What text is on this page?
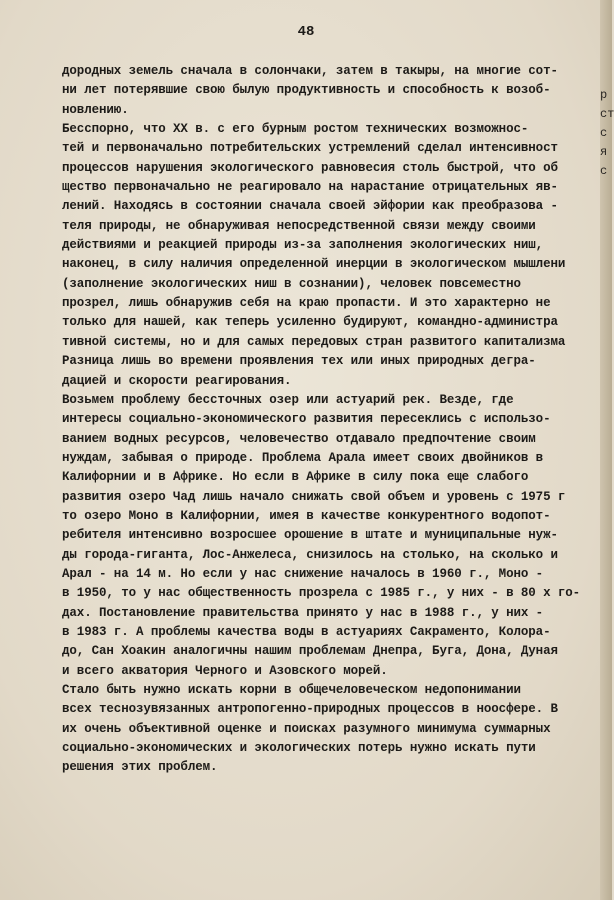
р
ст
с
я
с
48
дородных земель сначала в солончаки, затем в такыры, на многие сот-
ни лет потерявшие свою былую продуктивность и способность к возоб-
новлению.
Бесспорно, что XX в. с его бурным ростом технических возможнос-
тей и первоначально потребительских устремлений сделал интенсивност
процессов нарушения экологического равновесия столь быстрой, что об
щество первоначально не реагировало на нарастание отрицательных яв-
лений. Находясь в состоянии сначала своей эйфории как преобразова -
теля природы, не обнаруживая непосредственной связи между своими
действиями и реакцией природы из-за заполнения экологических ниш,
наконец, в силу наличия определенной инерции в экологическом мышлени
(заполнение экологических ниш в сознании), человек повсеместно
прозрел, лишь обнаружив себя на краю пропасти. И это характерно не
только для нашей, как теперь усиленно будируют, командно-администра
тивной системы, но и для самых передовых стран развитого капитализма
Разница лишь во времени проявления тех или иных природных дегра-
дацией и скорости реагирования.
Возьмем проблему бессточных озер или астуарий рек. Везде, где
интересы социально-экономического развития пересеклись с использо-
ванием водных ресурсов, человечество отдавало предпочтение своим
нуждам, забывая о природе. Проблема Арала имеет своих двойников в
Калифорнии и в Африке. Но если в Африке в силу пока еще слабого
развития озеро Чад лишь начало снижать свой объем и уровень с 1975 г
то озеро Моно в Калифорнии, имея в качестве конкурентного водопот-
ребителя интенсивно возросшее орошение в штате и муниципальные нуж-
ды города-гиганта, Лос-Анжелеса, снизилось на столько, на сколько и
Арал - на 14 м. Но если у нас снижение началось в 1960 г., Моно -
в 1950, то у нас общественность прозрела с 1985 г., у них - в 80 х го-
дах. Постановление правительства принято у нас в 1988 г., у них -
в 1983 г. А проблемы качества воды в астуариях Сакраменто, Колора-
до, Сан Хоакин аналогичны нашим проблемам Днепра, Буга, Дона, Дуная
и всего акватория Черного и Азовского морей.
Стало быть нужно искать корни в общечеловеческом недопонимании
всех теснозувязанных антропогенно-природных процессов в ноосфере. В
их очень объективной оценке и поисках разумного минимума суммарных
социально-экономических и экологических потерь нужно искать пути
решения этих проблем.
